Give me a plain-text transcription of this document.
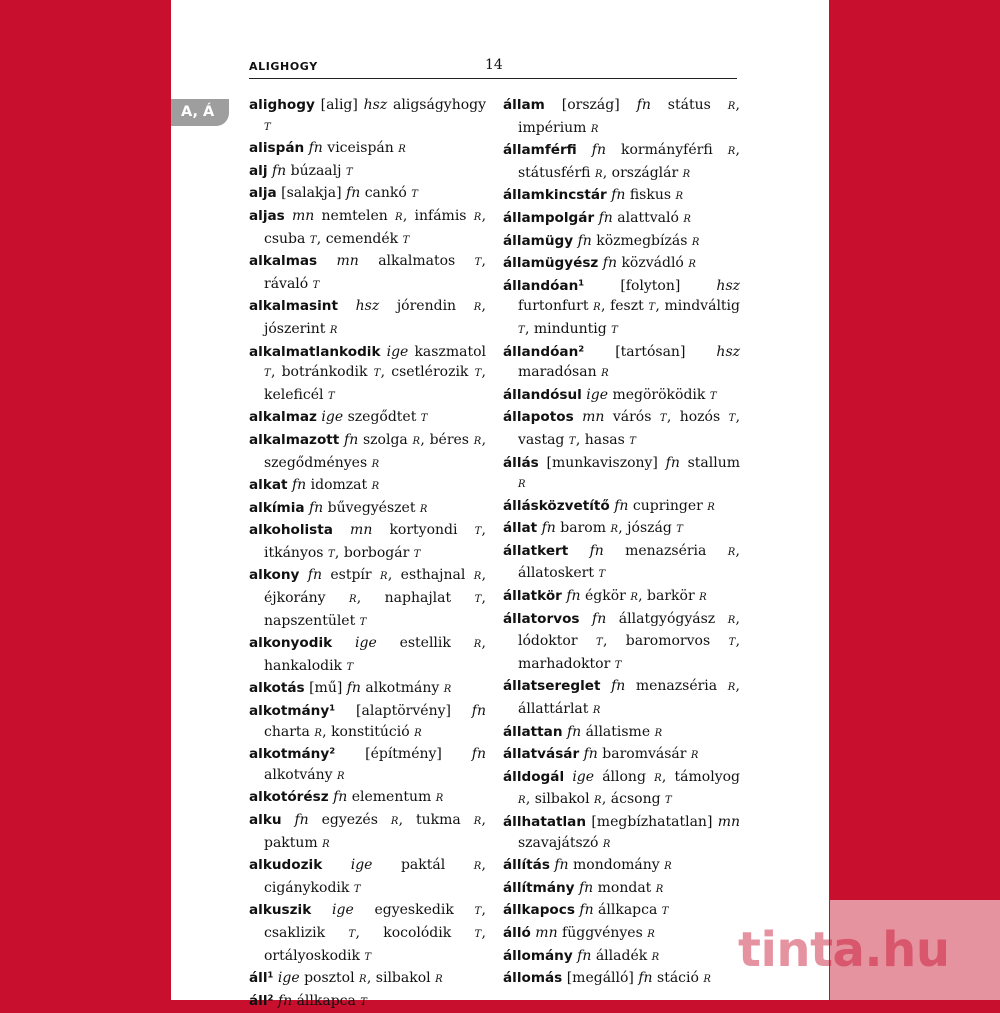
ALIGHOGY	14
A, Á	alighogy [alig] hsz aligságyhogy T
alispán fn viceispán R
alj fn búzaalj T
alja [salakja] fn cankó T
aljas mn nemtelen R, infámis R, csuba T, cemendék T
alkalmas mn alkalmatos T, rávaló T
alkalmasint hsz jórendin R, jószerint R
alkalmatlankodik ige kaszmatol T, botránkodik T, csetlérozik T, keleficél T
alkalmaz ige szegődtet T
alkalmazott fn szolga R, béres R, szegődményes R
alkat fn idomzat R
alkímia fn bűvegyészet R
alkoholista mn kortyondi T, itkányos T, borbogár T
alkony fn estpír R, esthajnal R, éjkorány R, naphajlat T, napszentület T
alkonyodik ige estellik R, hankalodik T
alkotás [mű] fn alkotmány R
alkotmány¹ [alaptörvény] fn charta R, konstitúció R
alkotmány² [építmény] fn alkotvány R
alkotórész fn elementum R
alku fn egyezés R, tukma R, paktum R
alkudozik ige paktál R, cigánykodik T
alkuszik ige egyeskedik T, csaklizik T, kocolódik T, ortályoskodik T
áll¹ ige posztol R, silbakol R
áll² fn állkapca T
állam [ország] fn státus R, impérium R
államférfi fn kormányférfi R, státusférfi R, országlár R
államkincstár fn fiskus R
állampolgár fn alattvaló R
államügy fn közmegbízás R
államügyész fn közvádló R
állandóan¹	[folyton] hsz furtonfurt R, feszt T, mindváltig T, minduntig T
állandóan² [tartósan] hsz maradósan R
állandósul ige megöröködik T
állapotos mn várós T, hozós T, vastag T, hasas T
állás [munkaviszony] fn stallum R
állásközvetítő fn cupringer R
állat fn barom R, jószág T
állatkert fn menazséria R, állatoskert T
állatkör fn égkör R, barkör R
állatorvos fn állatgyógyász R, lódoktor T, baromorvos T, marhadoktor T
állatsereglet fn menazséria R, állattárlat R
állattan fn állatisme R
állatvásár fn baromvásár R
álldogál ige állong R, támolyog R, silbakol R, ácsong T
állhatatlan [megbízhatatlan] mn szavajátszó R
állítás fn mondomány R
állítmány fn mondat R
állkapocs fn állkapca T
álló mn függvényes R
állomány fn álladék R
állomás [megálló] fn stáció R
tinta.hu
